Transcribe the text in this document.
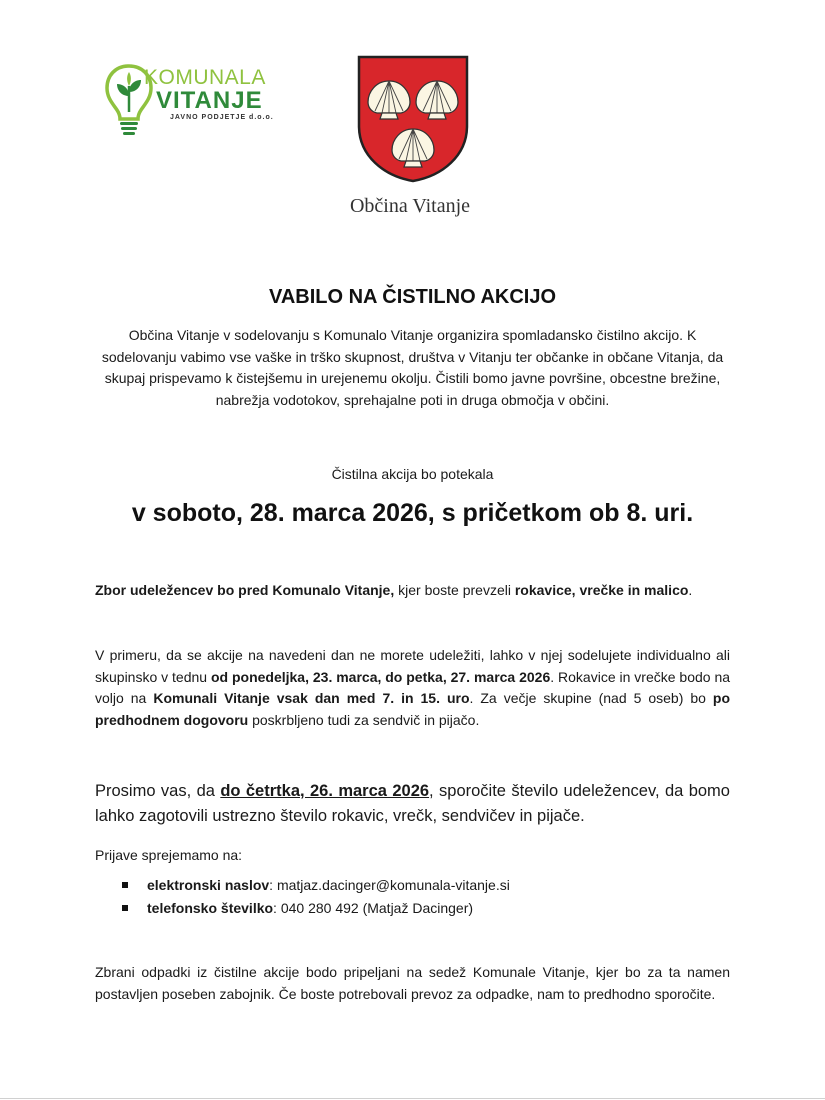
KOMUNALA
VITANJE
JAVNO PODJETJE d.o.o.
Občina Vitanje
VABILO NA ČISTILNO AKCIJO
Občina Vitanje v sodelovanju s Komunalo Vitanje organizira spomladansko čistilno akcijo. K sodelovanju vabimo vse vaške in trško skupnost, društva v Vitanju ter občanke in občane Vitanja, da skupaj prispevamo k čistejšemu in urejenemu okolju. Čistili bomo javne površine, obcestne brežine, nabrežja vodotokov, sprehajalne poti in druga območja v občini.
Čistilna akcija bo potekala
v soboto, 28. marca 2026, s pričetkom ob 8. uri.
Zbor udeležencev bo pred Komunalo Vitanje, kjer boste prevzeli rokavice, vrečke in malico.
V primeru, da se akcije na navedeni dan ne morete udeležiti, lahko v njej sodelujete individualno ali skupinsko v tednu od ponedeljka, 23. marca, do petka, 27. marca 2026. Rokavice in vrečke bodo na voljo na Komunali Vitanje vsak dan med 7. in 15. uro. Za večje skupine (nad 5 oseb) bo po predhodnem dogovoru poskrbljeno tudi za sendvič in pijačo.
Prosimo vas, da do četrtka, 26. marca 2026, sporočite število udeležencev, da bomo lahko zagotovili ustrezno število rokavic, vrečk, sendvičev in pijače.
Prijave sprejemamo na:
elektronski naslov: matjaz.dacinger@komunala-vitanje.si
telefonsko številko: 040 280 492 (Matjaž Dacinger)
Zbrani odpadki iz čistilne akcije bodo pripeljani na sedež Komunale Vitanje, kjer bo za ta namen postavljen poseben zabojnik. Če boste potrebovali prevoz za odpadke, nam to predhodno sporočite.
